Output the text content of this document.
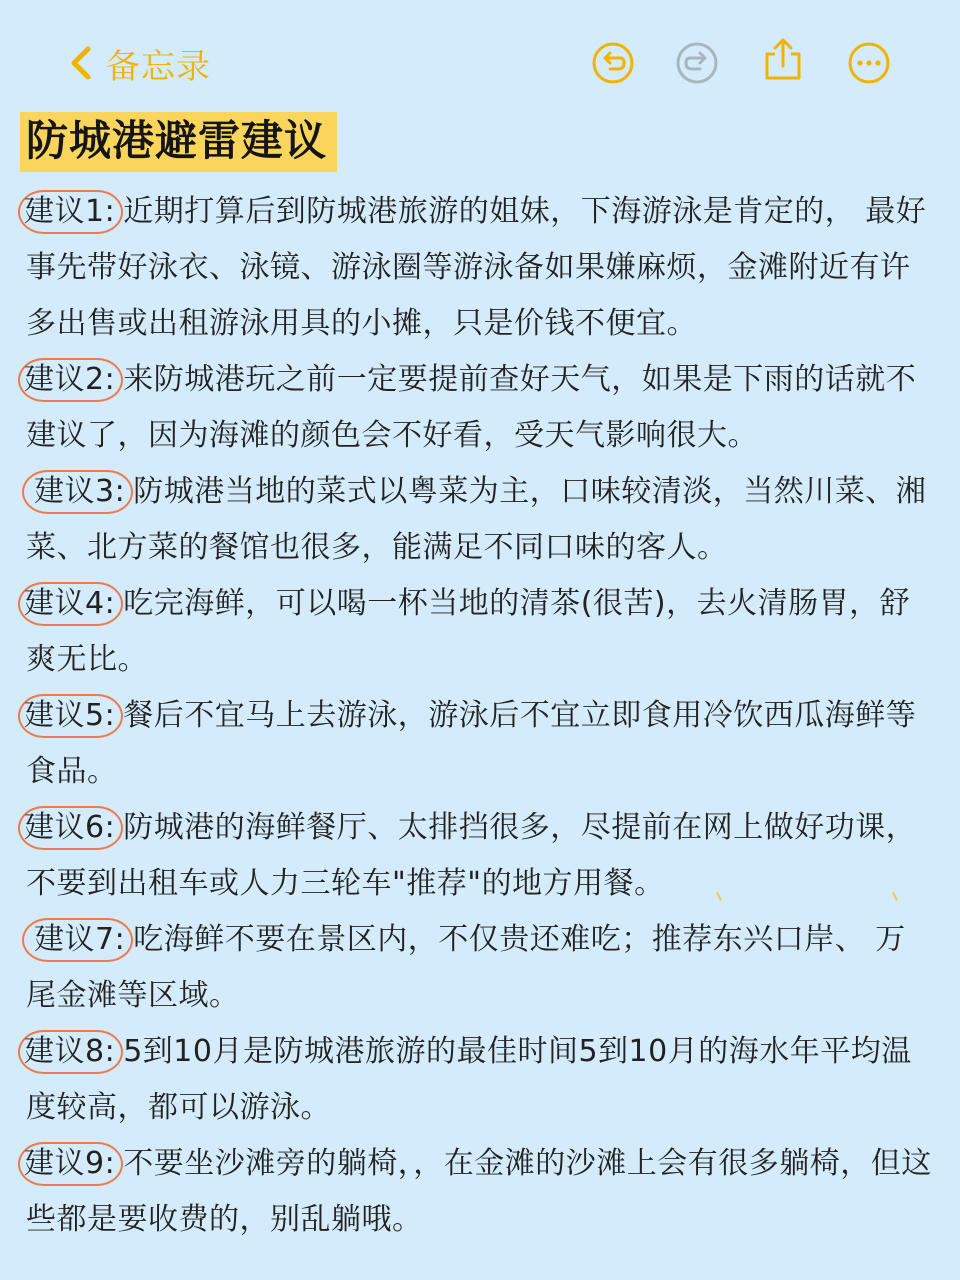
备忘录
防城港避雷建议
建议1: 近期打算后到防城港旅游的姐妹，下海游泳是肯定的， 最好事先带好泳衣、泳镜、游泳圈等游泳备如果嫌麻烦，金滩附近有许多出售或出租游泳用具的小摊，只是价钱不便宜。
建议2: 来防城港玩之前一定要提前查好天气，如果是下雨的话就不建议了，因为海滩的颜色会不好看，受天气影响很大。
建议3: 防城港当地的菜式以粤菜为主，口味较清淡，当然川菜、湘菜、北方菜的餐馆也很多，能满足不同口味的客人。
建议4: 吃完海鲜，可以喝一杯当地的清茶(很苦)，去火清肠胃，舒爽无比。
建议5: 餐后不宜马上去游泳，游泳后不宜立即食用冷饮西瓜海鲜等食品。
建议6: 防城港的海鲜餐厅、太排挡很多，尽提前在网上做好功课，不要到出租车或人力三轮车"推荐"的地方用餐。
建议7: 吃海鲜不要在景区内，不仅贵还难吃；推荐东兴口岸、 万尾金滩等区域。
建议8: 5到10月是防城港旅游的最佳时间5到10月的海水年平均温度较高，都可以游泳。
建议9: 不要坐沙滩旁的躺椅，，在金滩的沙滩上会有很多躺椅，但这些都是要收费的，别乱躺哦。
